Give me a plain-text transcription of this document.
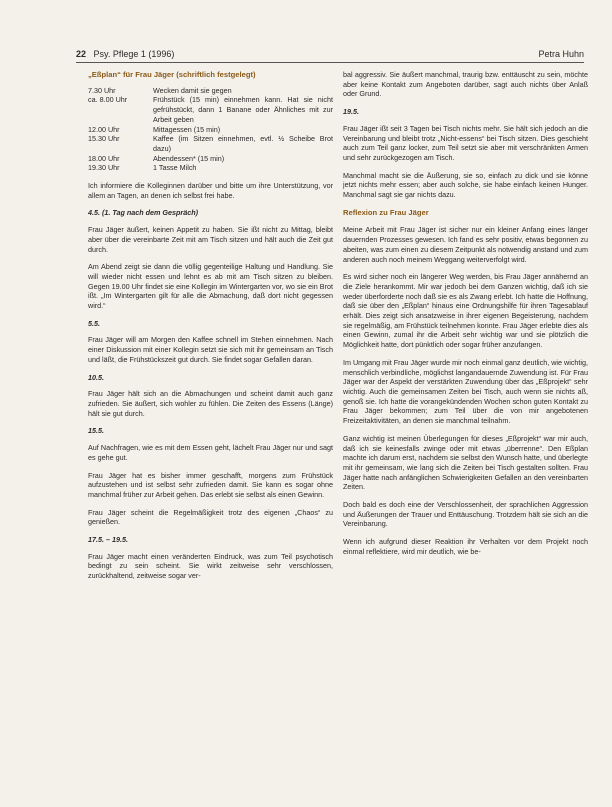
22 Psy. Pflege 1 (1996)	Petra Huhn
„Eßplan“ für Frau Jäger (schriftlich festgelegt)
7.30 Uhr	Wecken damit sie gegen
ca. 8.00 Uhr	Frühstück (15 min) einnehmen kann. Hat sie nicht gefrühstückt, dann 1 Banane oder Ähnliches mit zur Arbeit geben
12.00 Uhr	Mittagessen (15 min)
15.30 Uhr	Kaffee (im Sitzen einnehmen, evtl. ½ Scheibe Brot dazu)
18.00 Uhr	Abendessen* (15 min)
19.30 Uhr	1 Tasse Milch

Ich informiere die Kolleginnen darüber und bitte um ihre Unterstützung, vor allem an Tagen, an denen ich selbst frei habe.

4.5. (1. Tag nach dem Gespräch)

Frau Jäger äußert, keinen Appetit zu haben. Sie ißt nicht zu Mittag, bleibt aber über die vereinbarte Zeit mit am Tisch sitzen und hält auch die Zeit gut durch.

Am Abend zeigt sie dann die völlig gegenteilige Haltung und Handlung. Sie will wieder nicht essen und lehnt es ab mit am Tisch sitzen zu bleiben. Gegen 19.00 Uhr findet sie eine Kollegin im Wintergarten vor, wo sie ein Brot ißt. „Im Wintergarten gilt für alle die Abmachung, daß dort nicht gegessen wird.“

5.5.

Frau Jäger will am Morgen den Kaffee schnell im Stehen einnehmen. Nach einer Diskussion mit einer Kollegin setzt sie sich mit ihr gemeinsam an Tisch und läßt, die Frühstückszeit gut durch. Sie findet sogar Gefallen daran.

10.5.

Frau Jäger hält sich an die Abmachungen und scheint damit auch ganz zufrieden. Sie äußert, sich wohler zu fühlen. Die Zeiten des Essens (Länge) hält sie gut durch.

15.5.

Auf Nachfragen, wie es mit dem Essen geht, lächelt Frau Jäger nur und sagt es gehe gut.

Frau Jäger hat es bisher immer geschafft, morgens zum Frühstück aufzustehen und ist selbst sehr zufrieden damit. Sie kann es sogar ohne manchmal früher zur Arbeit gehen. Das erlebt sie selbst als einen Gewinn.

Frau Jäger scheint die Regelmäßigkeit trotz des eigenen „Chaos“ zu genießen.

17.5. – 19.5.

Frau Jäger macht einen veränderten Eindruck, was zum Teil psychotisch bedingt zu sein scheint. Sie wirkt zeitweise sehr verschlossen, zurückhaltend, zeitweise sogar ver-

bal aggressiv. Sie äußert manchmal, traurig bzw. enttäuscht zu sein, möchte aber keine Kontakt zum Angeboten darüber, sagt auch nichts über Anlaß oder Grund.

19.5.

Frau Jäger ißt seit 3 Tagen bei Tisch nichts mehr. Sie hält sich jedoch an die Vereinbarung und bleibt trotz „Nicht-essens“ bei Tisch sitzen. Dies geschieht auch zum Teil ganz locker, zum Teil setzt sie aber mit verschränkten Armen und sehr zurückgezogen am Tisch.

Manchmal macht sie die Äußerung, sie so, einfach zu dick und sie könne jetzt nichts mehr essen; aber auch solche, sie habe einfach keinen Hunger. Manchmal sagt sie gar nichts dazu.

Reflexion zu Frau Jäger

Meine Arbeit mit Frau Jäger ist sicher nur ein kleiner Anfang eines länger dauernden Prozesses gewesen. Ich fand es sehr positiv, etwas begonnen zu abeiten, was zum einen zu diesem Zeitpunkt als notwendig anstand und zum anderen auch noch meinem Weggang weiterverfolgt wird.

Es wird sicher noch ein längerer Weg werden, bis Frau Jäger annähernd an die Ziele herankommt. Mir war jedoch bei dem Ganzen wichtig, daß ich sie weder überforderte noch daß sie es als Zwang erlebt. Ich hatte die Hoffnung, daß sie über den „Eßplan“ hinaus eine Ordnungshilfe für ihren Tagesablauf erhält. Dies zeigt sich ansatzweise in ihrer eigenen Begeisterung, nachdem sie regelmäßig, am Frühstück teilnehmen konnte. Frau Jäger erlebte dies als einen Gewinn, zumal ihr die Arbeit sehr wichtig war und sie plötzlich die Möglichkeit hatte, dort pünktlich oder sogar früher anzufangen.

Im Umgang mit Frau Jäger wurde mir noch einmal ganz deutlich, wie wichtig, menschlich verbindliche, möglichst langandauernde Zuwendung ist. Für Frau Jäger war der Aspekt der verstärkten Zuwendung über das „Eßprojekt“ sehr wichtig. Auch die gemeinsamen Zeiten bei Tisch, auch wenn sie nichts aß, genoß sie. Ich hatte die vorangekündenden Wochen schon guten Kontakt zu Frau Jäger bekommen; zum Teil über die von mir angebotenen Freizeitaktivitäten, an denen sie manchmal teilnahm.

Ganz wichtig ist meinen Überlegungen für dieses „Eßprojekt“ war mir auch, daß ich sie keinesfalls zwinge oder mit etwas „überrenne“. Den Eßplan machte ich darum erst, nachdem sie selbst den Wunsch hatte, und überlegte mit ihr gemeinsam, wie lang sich die Zeiten bei Tisch gestalten sollten. Frau Jäger hatte nach anfänglichen Schwierigkeiten Gefallen an den vereinbarten Zeiten.

Doch bald es doch eine der Verschlossenheit, der sprachlichen Aggression und Äußerungen der Trauer und Enttäuschung. Trotzdem hält sie sich an die Vereinbarung.

Wenn ich aufgrund dieser Reaktion ihr Verhalten vor dem Projekt noch einmal reflektiere, wird mir deutlich, wie be-
